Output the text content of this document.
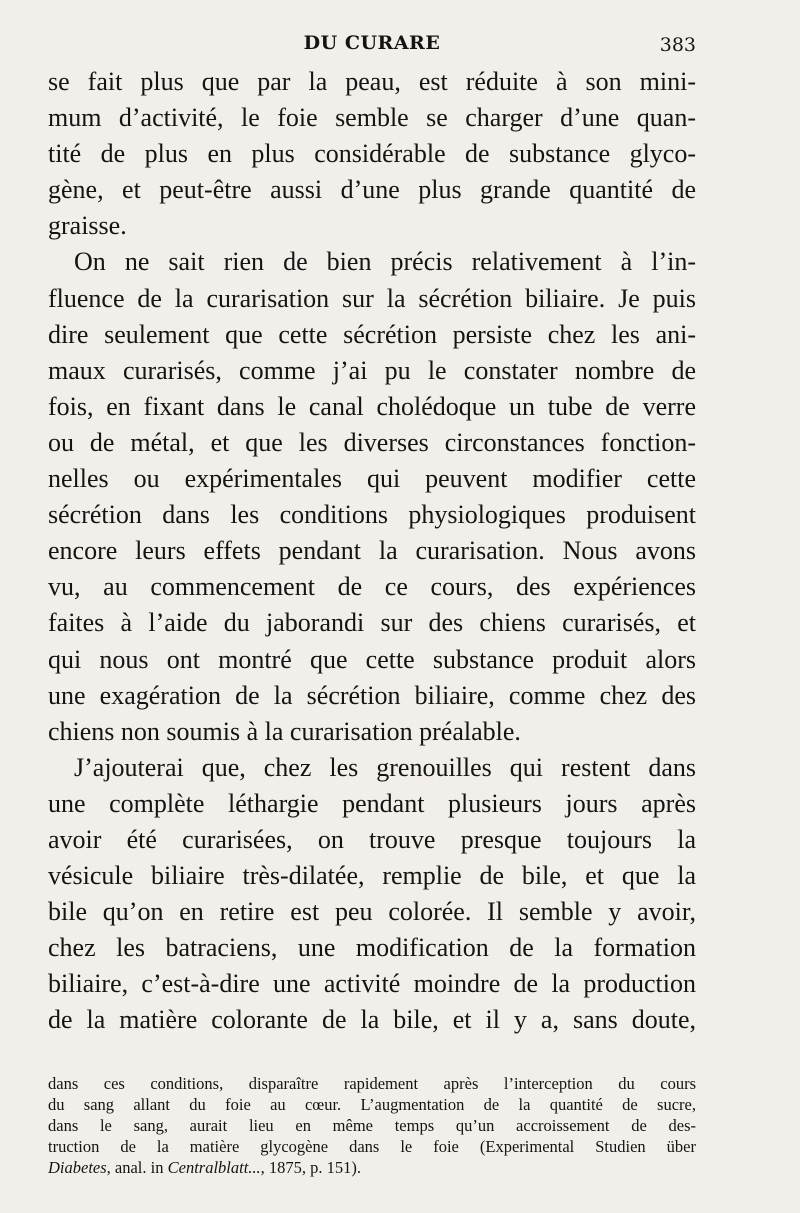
DU CURARE	383
se fait plus que par la peau, est réduite à son mini-
mum d’activité, le foie semble se charger d’une quan-
tité de plus en plus considérable de substance glyco-
gène, et peut-être aussi d’une plus grande quantité de
graisse.
On ne sait rien de bien précis relativement à l’in-
fluence de la curarisation sur la sécrétion biliaire. Je puis
dire seulement que cette sécrétion persiste chez les ani-
maux curarisés, comme j’ai pu le constater nombre de
fois, en fixant dans le canal cholédoque un tube de verre
ou de métal, et que les diverses circonstances fonction-
nelles ou expérimentales qui peuvent modifier cette
sécrétion dans les conditions physiologiques produisent
encore leurs effets pendant la curarisation. Nous avons
vu, au commencement de ce cours, des expériences
faites à l’aide du jaborandi sur des chiens curarisés, et
qui nous ont montré que cette substance produit alors
une exagération de la sécrétion biliaire, comme chez des
chiens non soumis à la curarisation préalable.
J’ajouterai que, chez les grenouilles qui restent dans
une complète léthargie pendant plusieurs jours après
avoir été curarisées, on trouve presque toujours la
vésicule biliaire très-dilatée, remplie de bile, et que la
bile qu’on en retire est peu colorée. Il semble y avoir,
chez les batraciens, une modification de la formation
biliaire, c’est-à-dire une activité moindre de la production
de la matière colorante de la bile, et il y a, sans doute,
dans ces conditions, disparaître rapidement après l’interception du cours
du sang allant du foie au cœur. L’augmentation de la quantité de sucre,
dans le sang, aurait lieu en même temps qu’un accroissement de des-
truction de la matière glycogène dans le foie (Experimental Studien über
Diabetes, anal. in Centralblatt..., 1875, p. 151).
